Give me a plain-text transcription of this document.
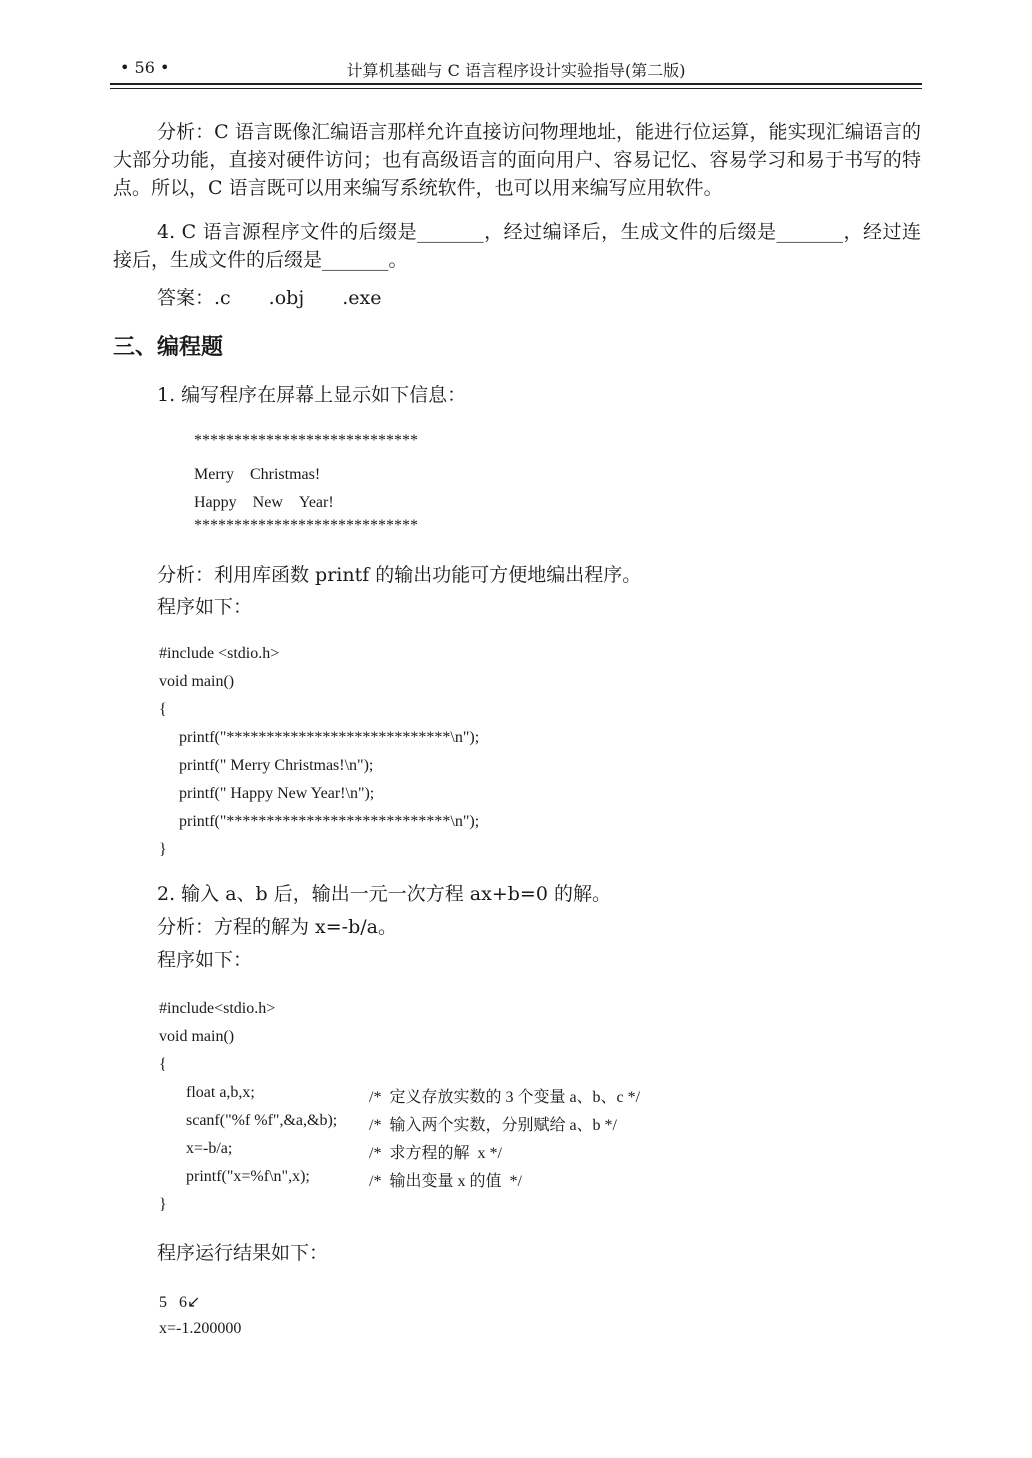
• 56 •	计算机基础与 C 语言程序设计实验指导(第二版)

分析：C 语言既像汇编语言那样允许直接访问物理地址，能进行位运算，能实现汇编语言的大部分功能，直接对硬件访问；也有高级语言的面向用户、容易记忆、容易学习和易于书写的特点。所以，C 语言既可以用来编写系统软件，也可以用来编写应用软件。

4. C 语言源程序文件的后缀是_______，经过编译后，生成文件的后缀是_______，经过连接后，生成文件的后缀是_______。

答案：.c　　.obj　　.exe

三、编程题

1. 编写程序在屏幕上显示如下信息：

****************************
Merry　Christmas!
Happy　New　Year!
****************************

分析：利用库函数 printf 的输出功能可方便地编出程序。

程序如下：

#include <stdio.h>
void main()
{
printf("****************************\n");
printf(" Merry Christmas!\n");
printf(" Happy New Year!\n");
printf("****************************\n");
}

2. 输入 a、b 后，输出一元一次方程 ax+b=0 的解。

分析：方程的解为 x=-b/a。

程序如下：

#include<stdio.h>
void main()
{
float a,b,x;	/*  定义存放实数的 3 个变量 a、b、c */
scanf("%f %f",&a,&b); /*  输入两个实数，分别赋给 a、b */
x=-b/a;	/*  求方程的解  x */
printf("x=%f\n",x);	/*  输出变量 x 的值  */
}

程序运行结果如下：

5   6↙
x=-1.200000
